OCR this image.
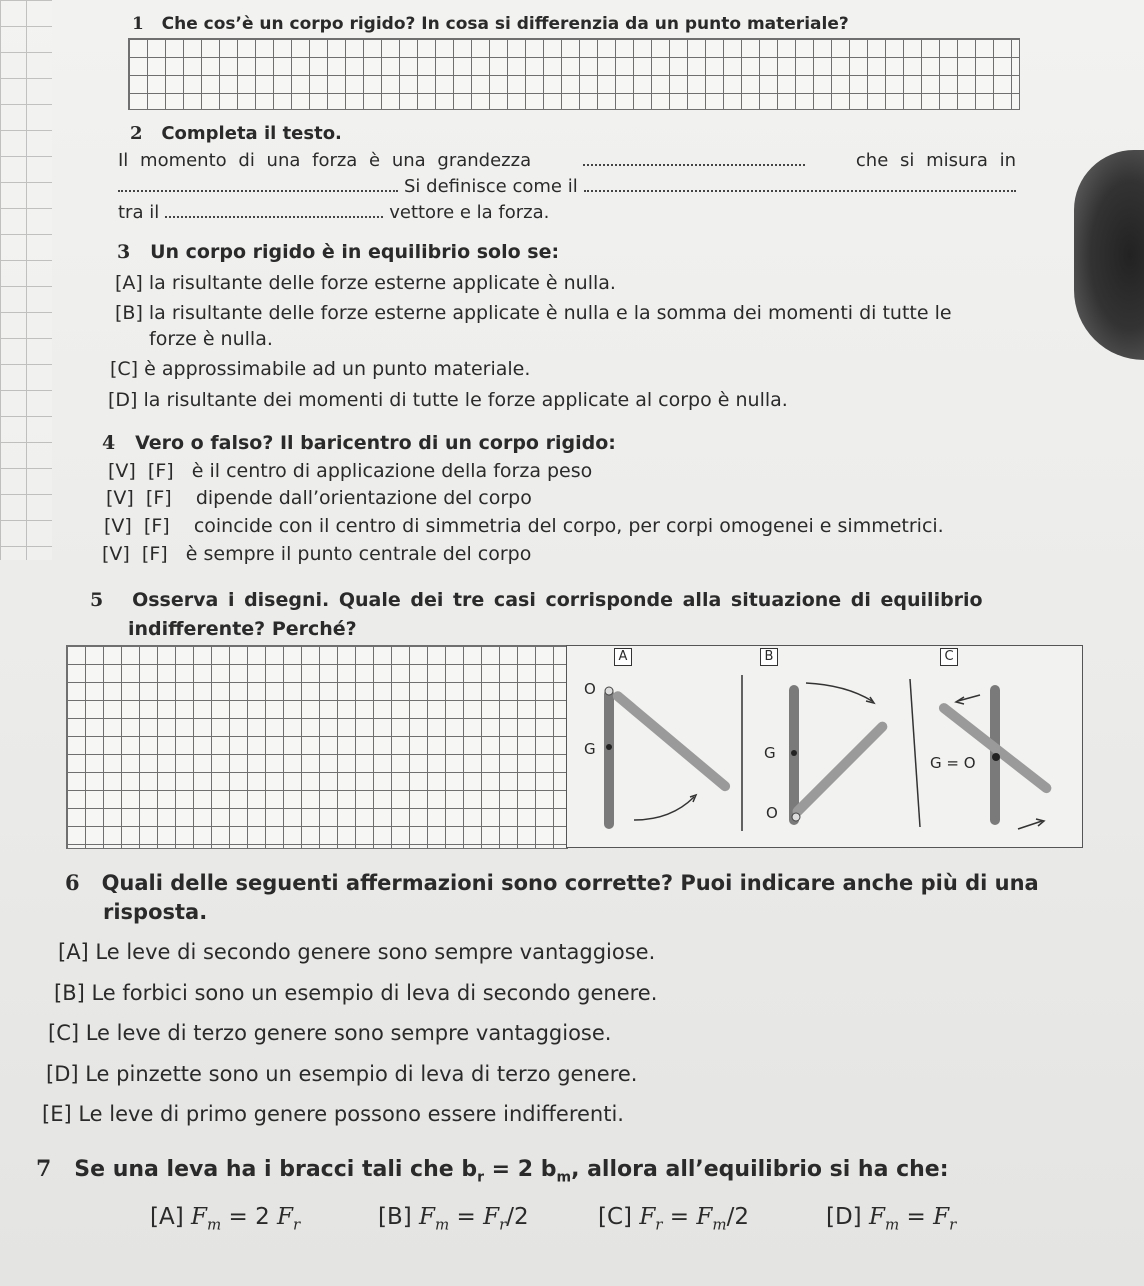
1 Che cos’è un corpo rigido? In cosa si differenzia da un punto materiale?
2 Completa il testo.
Il momento di una forza è una grandezza	che si misura in
Si definisce come il
tra il	vettore e la forza.
3 Un corpo rigido è in equilibrio solo se:
[A] la risultante delle forze esterne applicate è nulla.
[B] la risultante delle forze esterne applicate è nulla e la somma dei momenti di tutte le
forze è nulla.
[C] è approssimabile ad un punto materiale.
[D] la risultante dei momenti di tutte le forze applicate al corpo è nulla.
4 Vero o falso? Il baricentro di un corpo rigido:
[V]  [F] è il centro di applicazione della forza peso
[V]  [F] dipende dall’orientazione del corpo
[V]  [F] coincide con il centro di simmetria del corpo, per corpi omogenei e simmetrici.
[V]  [F] è sempre il punto centrale del corpo
5 Osserva i disegni. Quale dei tre casi corrisponde alla situazione di equilibrio
indifferente? Perché?
A	B	C
O
G	G
O
G = O
6 Quali delle seguenti affermazioni sono corrette? Puoi indicare anche più di una
risposta.
[A] Le leve di secondo genere sono sempre vantaggiose.
[B] Le forbici sono un esempio di leva di secondo genere.
[C] Le leve di terzo genere sono sempre vantaggiose.
[D] Le pinzette sono un esempio di leva di terzo genere.
[E] Le leve di primo genere possono essere indifferenti.
7 Se una leva ha i bracci tali che $b_r = 2$ $b_m$, allora all’equilibrio si ha che:
[A] $F_m = 2$ $F_r$	[B] $F_m = F_r/2$	[C] $F_r = F_m/2$	[D] $F_m = F_r$
